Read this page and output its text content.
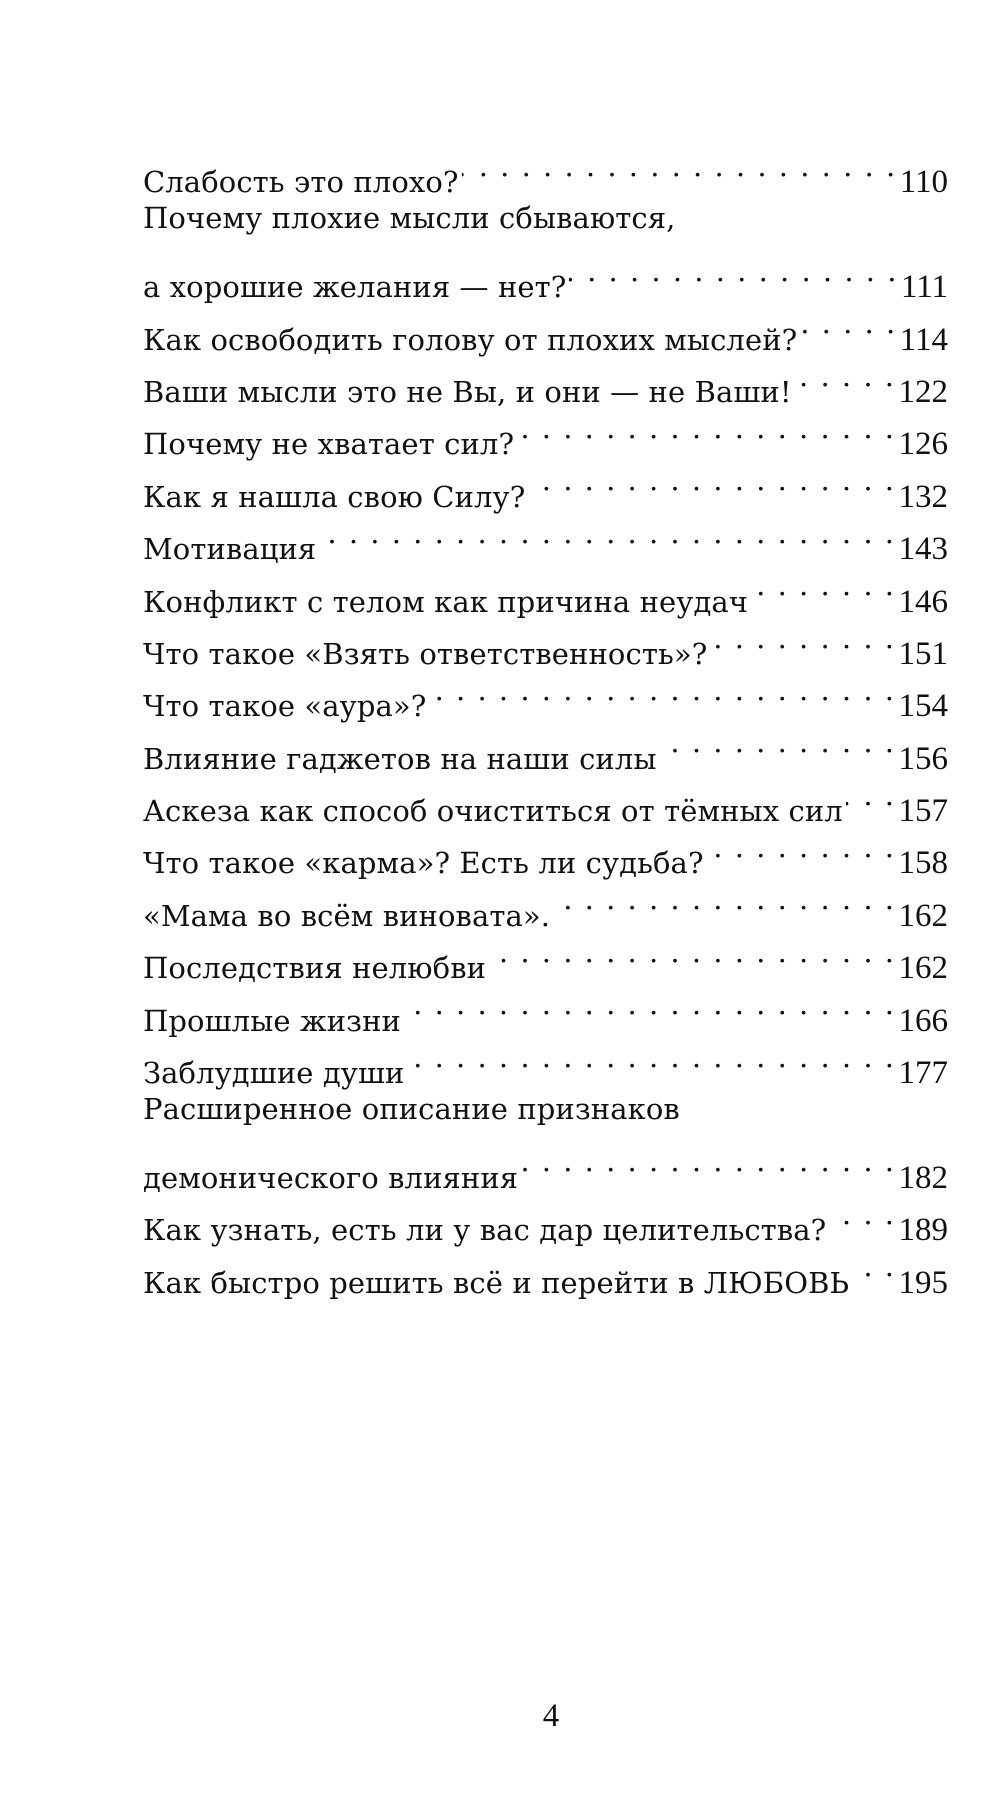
Слабость это плохо? . . .	110
Почему плохие мысли сбываются,
а хорошие желания — нет? . . .	111
Как освободить голову от плохих мыслей? . . .	114
Ваши мысли это не Вы, и они — не Ваши! . . .	122
Почему не хватает сил? . . .	126
Как я нашла свою Силу? . . .	132
Мотивация . . .	143
Конфликт с телом как причина неудач . . .	146
Что такое «Взять ответственность»? . . .	151
Что такое «аура»? . . .	154
Влияние гаджетов на наши силы . . .	156
Аскеза как способ очиститься от тёмных сил . . . 157
Что такое «карма»? Есть ли судьба? . . .	158
«Мама во всём виновата». . . .	162
Последствия нелюбви . . .	162
Прошлые жизни . . .	166
Заблудшие души . . .	177
Расширенное описание признаков
демонического влияния . . .	182
Как узнать, есть ли у вас дар целительства? . . . 189
Как быстро решить всё и перейти в ЛЮБОВЬ . . . 195
4
